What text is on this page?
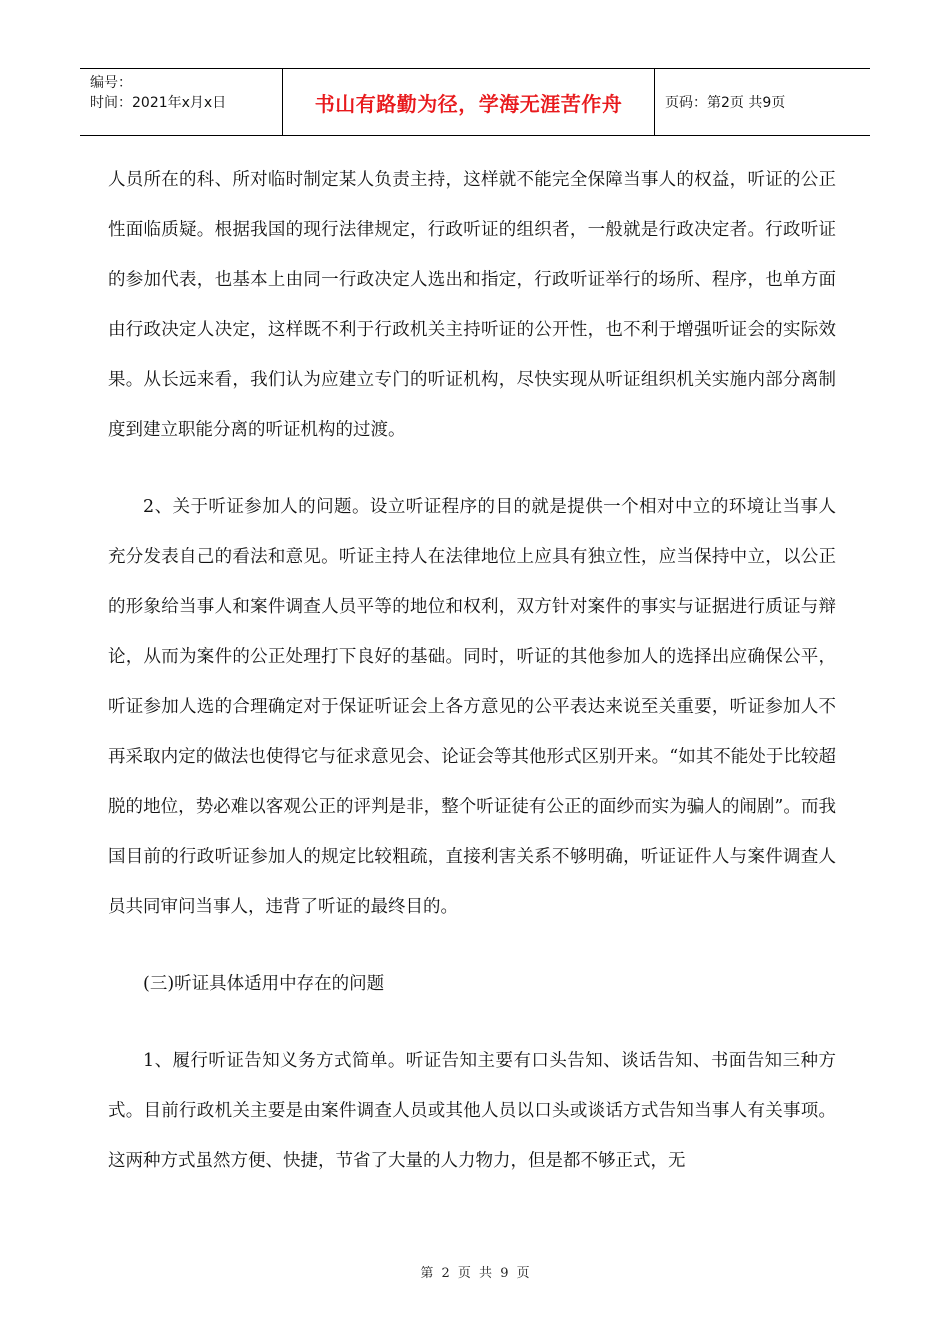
编号：
时间：2021年x月x日	书山有路勤为径，学海无涯苦作舟	页码：第2页 共9页

人员所在的科、所对临时制定某人负责主持，这样就不能完全保障当事人的权益，听证的公正性面临质疑。根据我国的现行法律规定，行政听证的组织者，一般就是行政决定者。行政听证的参加代表，也基本上由同一行政决定人选出和指定，行政听证举行的场所、程序，也单方面由行政决定人决定，这样既不利于行政机关主持听证的公开性，也不利于增强听证会的实际效果。从长远来看，我们认为应建立专门的听证机构，尽快实现从听证组织机关实施内部分离制度到建立职能分离的听证机构的过渡。

2、关于听证参加人的问题。设立听证程序的目的就是提供一个相对中立的环境让当事人充分发表自己的看法和意见。听证主持人在法律地位上应具有独立性，应当保持中立，以公正的形象给当事人和案件调查人员平等的地位和权利，双方针对案件的事实与证据进行质证与辩论，从而为案件的公正处理打下良好的基础。同时，听证的其他参加人的选择出应确保公平，听证参加人选的合理确定对于保证听证会上各方意见的公平表达来说至关重要，听证参加人不再采取内定的做法也使得它与征求意见会、论证会等其他形式区别开来。“如其不能处于比较超脱的地位，势必难以客观公正的评判是非，整个听证徒有公正的面纱而实为骗人的闹剧”。而我国目前的行政听证参加人的规定比较粗疏，直接利害关系不够明确，听证证件人与案件调查人员共同审问当事人，违背了听证的最终目的。

(三)听证具体适用中存在的问题

1、履行听证告知义务方式简单。听证告知主要有口头告知、谈话告知、书面告知三种方式。目前行政机关主要是由案件调查人员或其他人员以口头或谈话方式告知当事人有关事项。这两种方式虽然方便、快捷，节省了大量的人力物力，但是都不够正式，无

第 2 页 共 9 页
